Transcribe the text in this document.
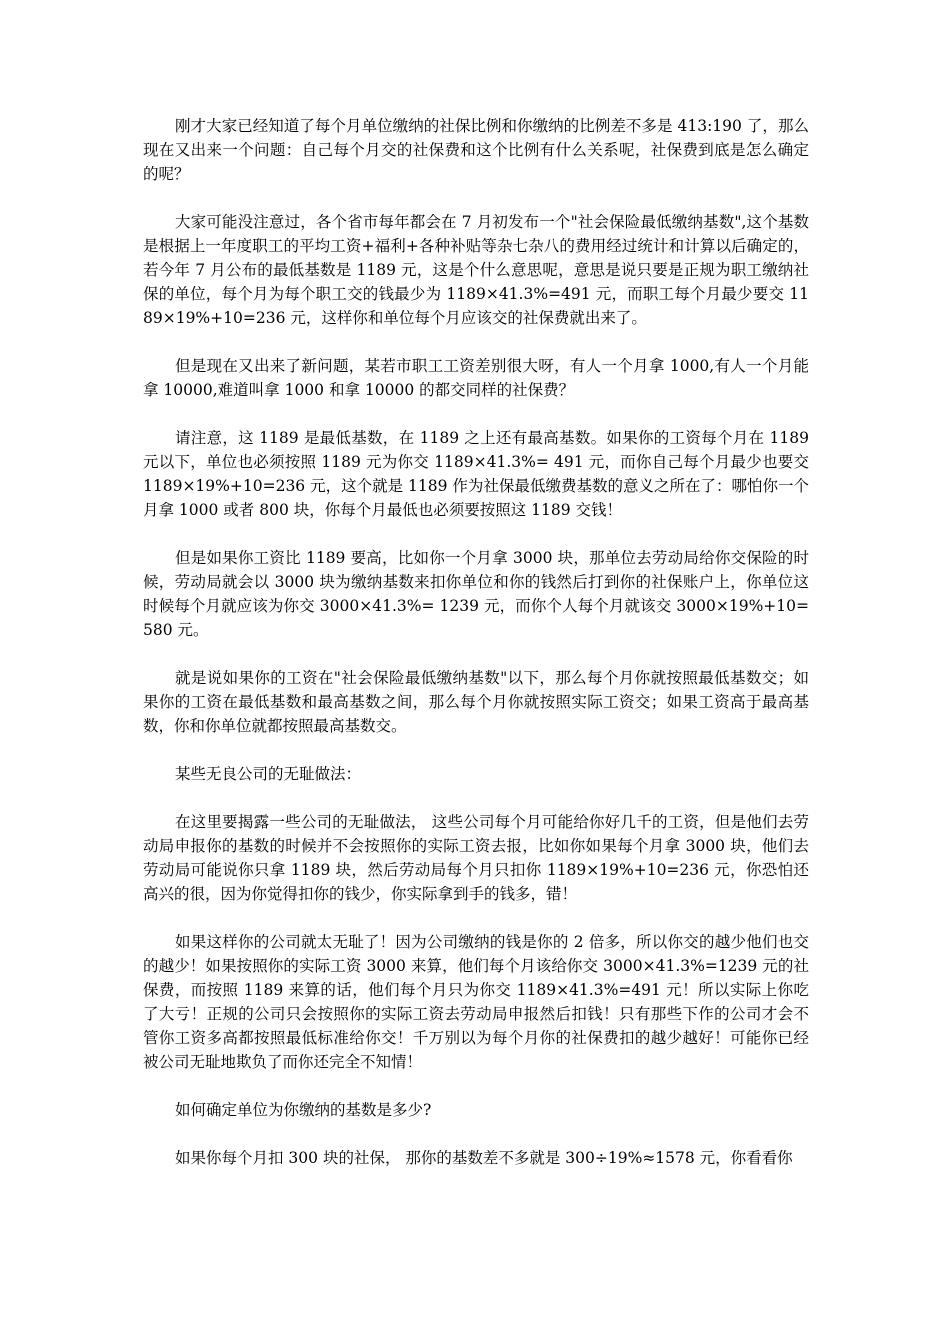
刚才大家已经知道了每个月单位缴纳的社保比例和你缴纳的比例差不多是 413:190 了，那么现在又出来一个问题：自己每个月交的社保费和这个比例有什么关系呢，社保费到底是怎么确定的呢？

大家可能没注意过，各个省市每年都会在 7 月初发布一个"社会保险最低缴纳基数",这个基数是根据上一年度职工的平均工资+福利+各种补贴等杂七杂八的费用经过统计和计算以后确定的，若今年 7 月公布的最低基数是 1189 元，这是个什么意思呢，意思是说只要是正规为职工缴纳社保的单位，每个月为每个职工交的钱最少为 1189×41.3%=491 元，而职工每个月最少要交 1189×19%+10=236 元，这样你和单位每个月应该交的社保费就出来了。

但是现在又出来了新问题，某若市职工工资差别很大呀，有人一个月拿 1000,有人一个月能拿 10000,难道叫拿 1000 和拿 10000 的都交同样的社保费？

请注意，这 1189 是最低基数，在 1189 之上还有最高基数。如果你的工资每个月在 1189 元以下，单位也必须按照 1189 元为你交 1189×41.3%= 491 元，而你自己每个月最少也要交 1189×19%+10=236 元，这个就是 1189 作为社保最低缴费基数的意义之所在了：哪怕你一个月拿 1000 或者 800 块，你每个月最低也必须要按照这 1189 交钱！

但是如果你工资比 1189 要高，比如你一个月拿 3000 块，那单位去劳动局给你交保险的时候，劳动局就会以 3000 块为缴纳基数来扣你单位和你的钱然后打到你的社保账户上，你单位这时候每个月就应该为你交 3000×41.3%= 1239 元，而你个人每个月就该交 3000×19%+10=580 元。

就是说如果你的工资在"社会保险最低缴纳基数"以下，那么每个月你就按照最低基数交；如果你的工资在最低基数和最高基数之间，那么每个月你就按照实际工资交；如果工资高于最高基数，你和你单位就都按照最高基数交。

某些无良公司的无耻做法：

在这里要揭露一些公司的无耻做法， 这些公司每个月可能给你好几千的工资，但是他们去劳动局申报你的基数的时候并不会按照你的实际工资去报，比如你如果每个月拿 3000 块，他们去劳动局可能说你只拿 1189 块，然后劳动局每个月只扣你 1189×19%+10=236 元，你恐怕还高兴的很，因为你觉得扣你的钱少，你实际拿到手的钱多，错！

如果这样你的公司就太无耻了！因为公司缴纳的钱是你的 2 倍多，所以你交的越少他们也交的越少！如果按照你的实际工资 3000 来算，他们每个月该给你交 3000×41.3%=1239 元的社保费，而按照 1189 来算的话，他们每个月只为你交 1189×41.3%=491 元！所以实际上你吃了大亏！正规的公司只会按照你的实际工资去劳动局申报然后扣钱！只有那些下作的公司才会不管你工资多高都按照最低标准给你交！千万别以为每个月你的社保费扣的越少越好！可能你已经被公司无耻地欺负了而你还完全不知情！

如何确定单位为你缴纳的基数是多少?

如果你每个月扣 300 块的社保， 那你的基数差不多就是 300÷19%≈1578 元，你看看你
